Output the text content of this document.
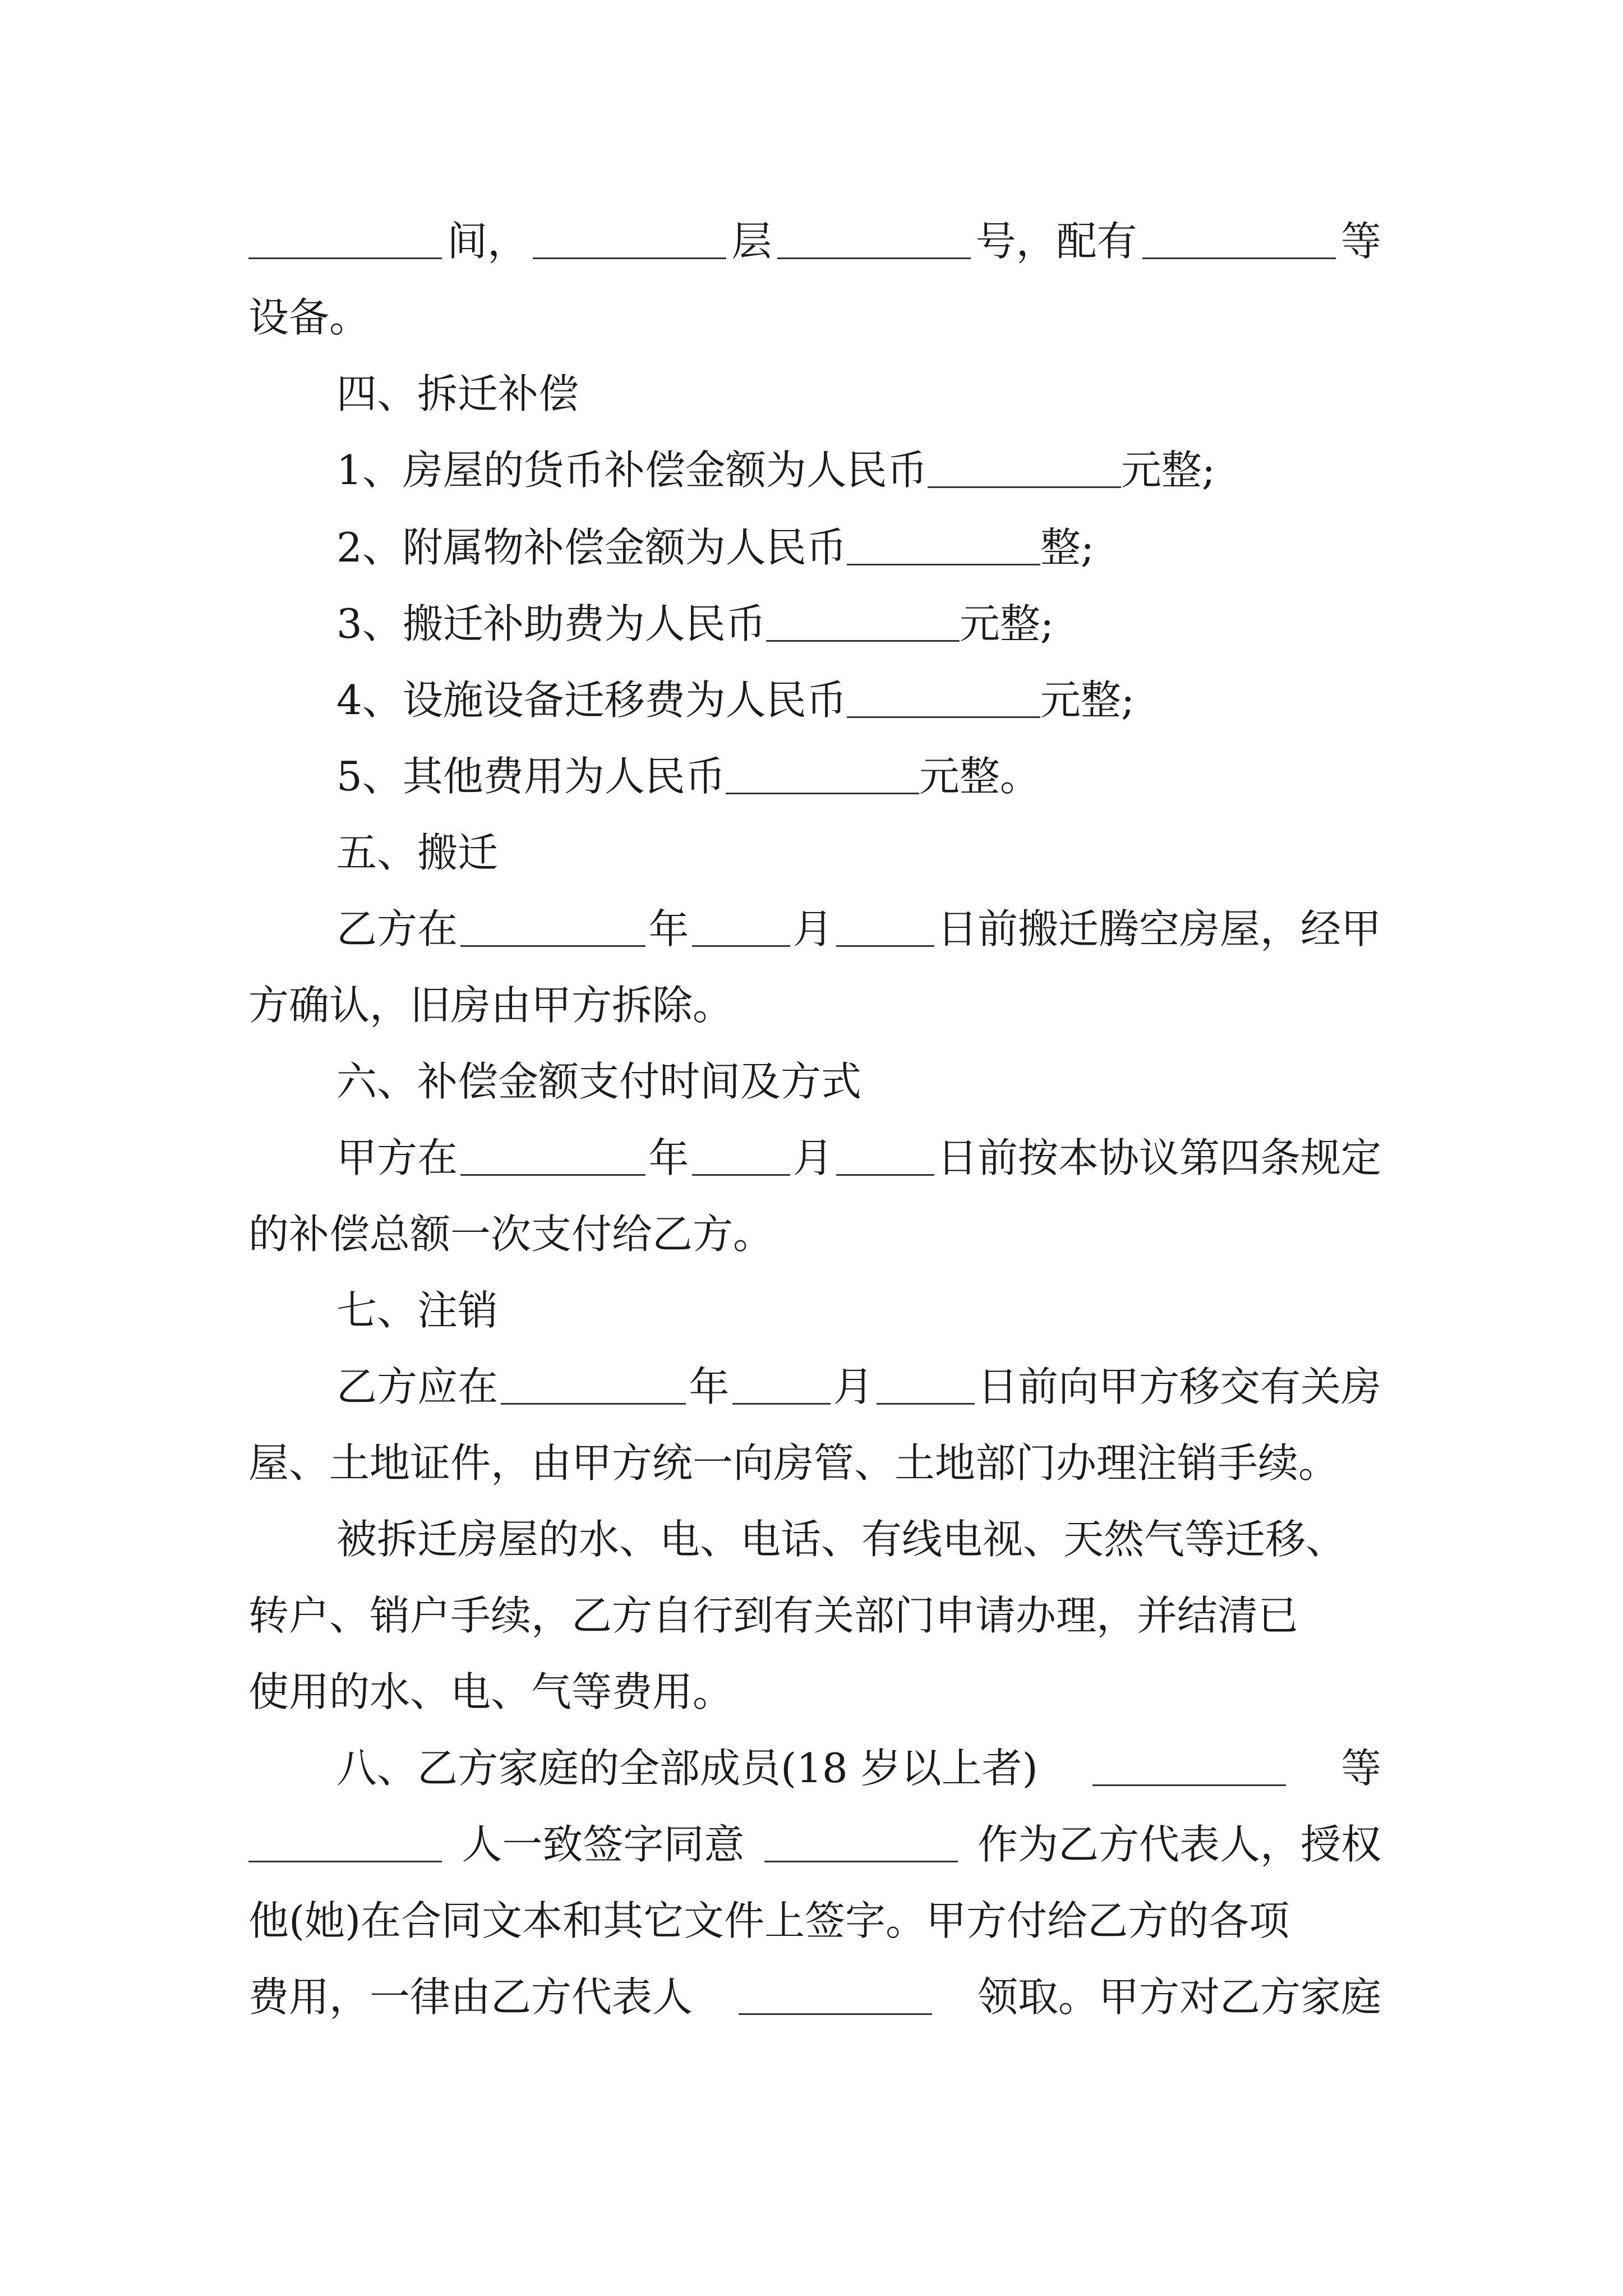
间，	层	号，配有	等
设备。
四、拆迁补偿
1、房屋的货币补偿金额为人民币	元整;
2、附属物补偿金额为人民币	整;
3、搬迁补助费为人民币	元整;
4、设施设备迁移费为人民币	元整;
5、其他费用为人民币	元整。
五、搬迁
乙方在	年	月	日前搬迁腾空房屋，经甲
方确认，旧房由甲方拆除。
六、补偿金额支付时间及方式
甲方在	年	月	日前按本协议第四条规定
的补偿总额一次支付给乙方。
七、注销
乙方应在	年	月	日前向甲方移交有关房
屋、土地证件，由甲方统一向房管、土地部门办理注销手续。
被拆迁房屋的水、电、电话、有线电视、天然气等迁移、
转户、销户手续，乙方自行到有关部门申请办理，并结清已
使用的水、电、气等费用。
八、乙方家庭的全部成员(18 岁以上者)	等
人一致签字同意	作为乙方代表人，授权
他(她)在合同文本和其它文件上签字。甲方付给乙方的各项
费用，一律由乙方代表人	领取。甲方对乙方家庭
